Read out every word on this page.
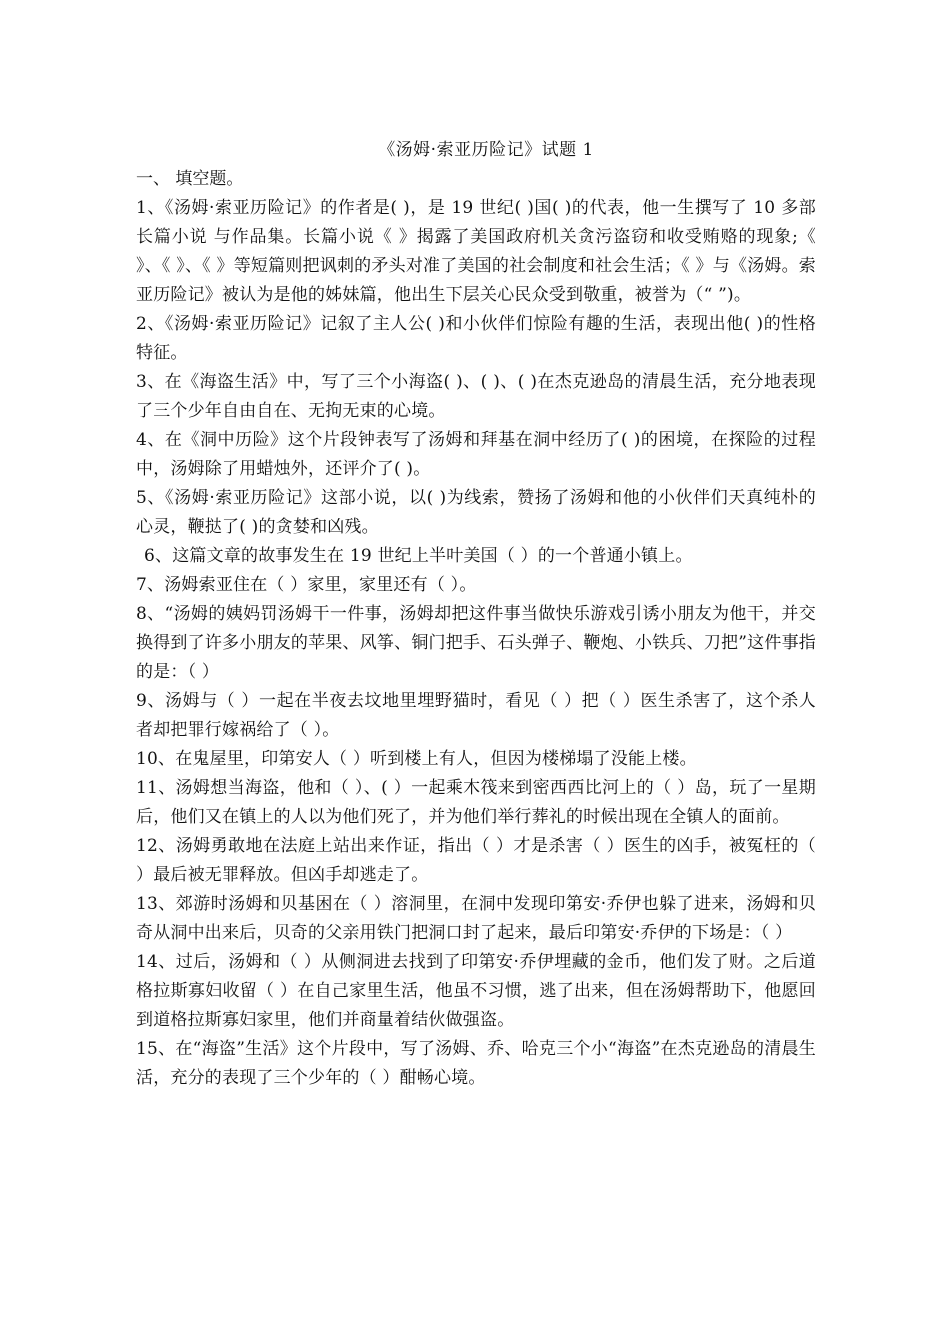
《汤姆·索亚历险记》试题 1
一、 填空题。
1、《汤姆·索亚历险记》的作者是( )，是 19 世纪( )国( )的代表，他一生撰写了 10 多部长篇小说 与作品集。长篇小说《 》揭露了美国政府机关贪污盗窃和收受贿赂的现象;《 》、《 》、《 》等短篇则把讽刺的矛头对准了美国的社会制度和社会生活；《 》与《汤姆。索亚历险记》被认为是他的姊妹篇，他出生下层关心民众受到敬重，被誉为（“ ”)。
2、《汤姆·索亚历险记》记叙了主人公( )和小伙伴们惊险有趣的生活，表现出他( )的性格特征。
3、在《海盗生活》中，写了三个小海盗( )、( )、( )在杰克逊岛的清晨生活，充分地表现了三个少年自由自在、无拘无束的心境。
4、在《洞中历险》这个片段钟表写了汤姆和拜基在洞中经历了( )的困境，在探险的过程中，汤姆除了用蜡烛外，还评介了( )。
5、《汤姆·索亚历险记》这部小说，以( )为线索，赞扬了汤姆和他的小伙伴们天真纯朴的心灵，鞭挞了( )的贪婪和凶残。
6、这篇文章的故事发生在 19 世纪上半叶美国（ ）的一个普通小镇上。
7、汤姆索亚住在（ ）家里，家里还有（ ）。
8、“汤姆的姨妈罚汤姆干一件事，汤姆却把这件事当做快乐游戏引诱小朋友为他干，并交换得到了许多小朋友的苹果、风筝、铜门把手、石头弹子、鞭炮、小铁兵、刀把”这件事指的是：（ ）
9、汤姆与（ ）一起在半夜去坟地里埋野猫时，看见（ ）把（ ）医生杀害了，这个杀人者却把罪行嫁祸给了（ ）。
10、在鬼屋里，印第安人（ ）听到楼上有人，但因为楼梯塌了没能上楼。
11、汤姆想当海盗，他和（ ）、( ）一起乘木筏来到密西西比河上的（ ）岛，玩了一星期后，他们又在镇上的人以为他们死了，并为他们举行葬礼的时候出现在全镇人的面前。
12、汤姆勇敢地在法庭上站出来作证，指出（ ）才是杀害（ ）医生的凶手，被冤枉的（ ）最后被无罪释放。但凶手却逃走了。
13、郊游时汤姆和贝基困在（ ）溶洞里，在洞中发现印第安·乔伊也躲了进来，汤姆和贝奇从洞中出来后，贝奇的父亲用铁门把洞口封了起来，最后印第安·乔伊的下场是：（ ）
14、过后，汤姆和（ ）从侧洞进去找到了印第安·乔伊埋藏的金币，他们发了财。之后道格拉斯寡妇收留（ ）在自己家里生活，他虽不习惯，逃了出来，但在汤姆帮助下，他愿回到道格拉斯寡妇家里，他们并商量着结伙做强盗。
15、在“海盗”生活》这个片段中，写了汤姆、乔、哈克三个小“海盗”在杰克逊岛的清晨生活，充分的表现了三个少年的（ ）酣畅心境。
